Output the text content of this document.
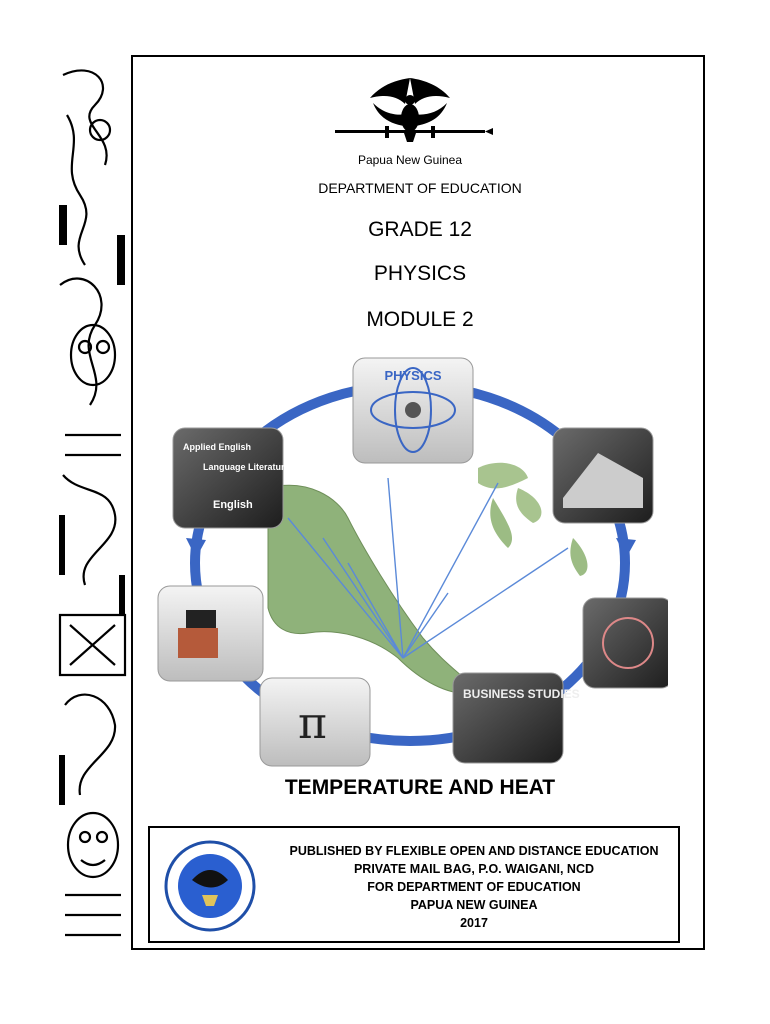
Papua New Guinea
DEPARTMENT OF EDUCATION
GRADE 12
PHYSICS
MODULE 2
PHYSICS
Applied English
Language Literature
English
π
BUSINESS STUDIES
TEMPERATURE AND HEAT
PUBLISHED BY FLEXIBLE OPEN AND DISTANCE EDUCATION
PRIVATE MAIL BAG, P.O. WAIGANI, NCD
FOR DEPARTMENT OF EDUCATION
PAPUA NEW GUINEA
2017
